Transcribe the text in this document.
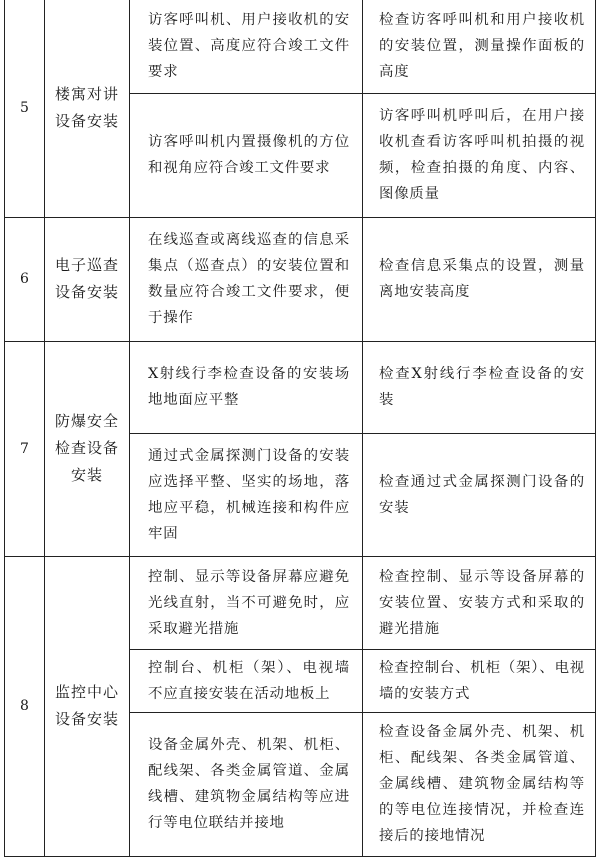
5	楼寓对讲设备安装	访客呼叫机、用户接收机的安装位置、高度应符合竣工文件要求	检查访客呼叫机和用户接收机的安装位置，测量操作面板的高度
		访客呼叫机内置摄像机的方位和视角应符合竣工文件要求	访客呼叫机呼叫后，在用户接收机查看访客呼叫机拍摄的视频，检查拍摄的角度、内容、图像质量
6	电子巡查设备安装	在线巡查或离线巡查的信息采集点（巡查点）的安装位置和数量应符合竣工文件要求，便于操作	检查信息采集点的设置，测量离地安装高度
7	防爆安全检查设备安装	X射线行李检查设备的安装场地地面应平整	检查X射线行李检查设备的安装
		通过式金属探测门设备的安装应选择平整、坚实的场地，落地应平稳，机械连接和构件应牢固	检查通过式金属探测门设备的安装
8	监控中心设备安装	控制、显示等设备屏幕应避免光线直射，当不可避免时，应采取避光措施	检查控制、显示等设备屏幕的安装位置、安装方式和采取的避光措施
		控制台、机柜（架）、电视墙不应直接安装在活动地板上	检查控制台、机柜（架）、电视墙的安装方式
		设备金属外壳、机架、机柜、配线架、各类金属管道、金属线槽、建筑物金属结构等应进行等电位联结并接地	检查设备金属外壳、机架、机柜、配线架、各类金属管道、金属线槽、建筑物金属结构等的等电位连接情况，并检查连接后的接地情况
